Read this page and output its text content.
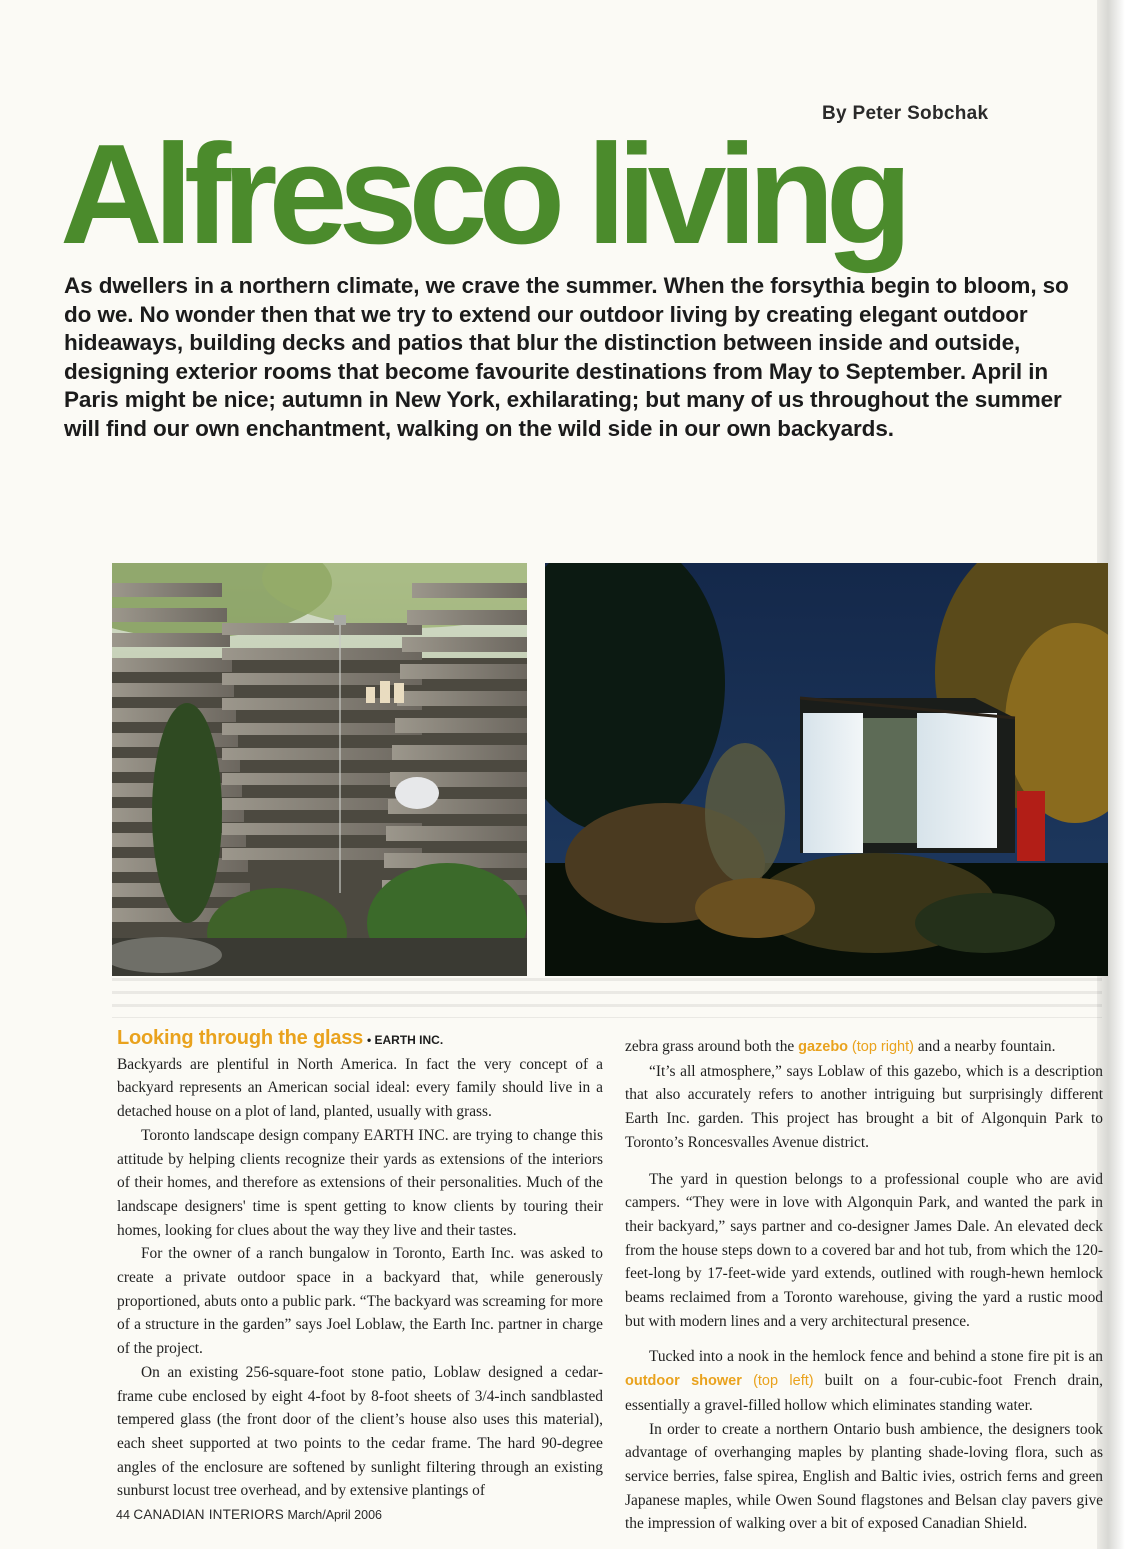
By Peter Sobchak
Alfresco living
As dwellers in a northern climate, we crave the summer. When the forsythia begin to bloom, so do we. No wonder then that we try to extend our outdoor living by creating elegant outdoor hideaways, building decks and patios that blur the distinction between inside and outside, designing exterior rooms that become favourite destinations from May to September. April in Paris might be nice; autumn in New York, exhilarating; but many of us throughout the summer will find our own enchantment, walking on the wild side in our own backyards.

Looking through the glass • EARTH INC.

Backyards are plentiful in North America. In fact the very concept of a backyard represents an American social ideal: every family should live in a detached house on a plot of land, planted, usually with grass.

Toronto landscape design company EARTH INC. are trying to change this attitude by helping clients recognize their yards as extensions of the interiors of their homes, and therefore as extensions of their personalities. Much of the landscape designers' time is spent getting to know clients by touring their homes, looking for clues about the way they live and their tastes.

For the owner of a ranch bungalow in Toronto, Earth Inc. was asked to create a private outdoor space in a backyard that, while generously proportioned, abuts onto a public park. “The backyard was screaming for more of a structure in the garden” says Joel Loblaw, the Earth Inc. partner in charge of the project.

On an existing 256-square-foot stone patio, Loblaw designed a cedar-frame cube enclosed by eight 4-foot by 8-foot sheets of 3/4-inch sandblasted tempered glass (the front door of the client’s house also uses this material), each sheet supported at two points to the cedar frame. The hard 90-degree angles of the enclosure are softened by sunlight filtering through an existing sunburst locust tree overhead, and by extensive plantings of

zebra grass around both the gazebo (top right) and a nearby fountain.

“It’s all atmosphere,” says Loblaw of this gazebo, which is a description that also accurately refers to another intriguing but surprisingly different Earth Inc. garden. This project has brought a bit of Algonquin Park to Toronto’s Roncesvalles Avenue district.

The yard in question belongs to a professional couple who are avid campers. “They were in love with Algonquin Park, and wanted the park in their backyard,” says partner and co-designer James Dale. An elevated deck from the house steps down to a covered bar and hot tub, from which the 120-feet-long by 17-feet-wide yard extends, outlined with rough-hewn hemlock beams reclaimed from a Toronto warehouse, giving the yard a rustic mood but with modern lines and a very architectural presence.

Tucked into a nook in the hemlock fence and behind a stone fire pit is an outdoor shower (top left) built on a four-cubic-foot French drain, essentially a gravel-filled hollow which eliminates standing water.

In order to create a northern Ontario bush ambience, the designers took advantage of overhanging maples by planting shade-loving flora, such as service berries, false spirea, English and Baltic ivies, ostrich ferns and green Japanese maples, while Owen Sound flagstones and Belsan clay pavers give the impression of walking over a bit of exposed Canadian Shield.

44 CANADIAN INTERIORS March/April 2006
